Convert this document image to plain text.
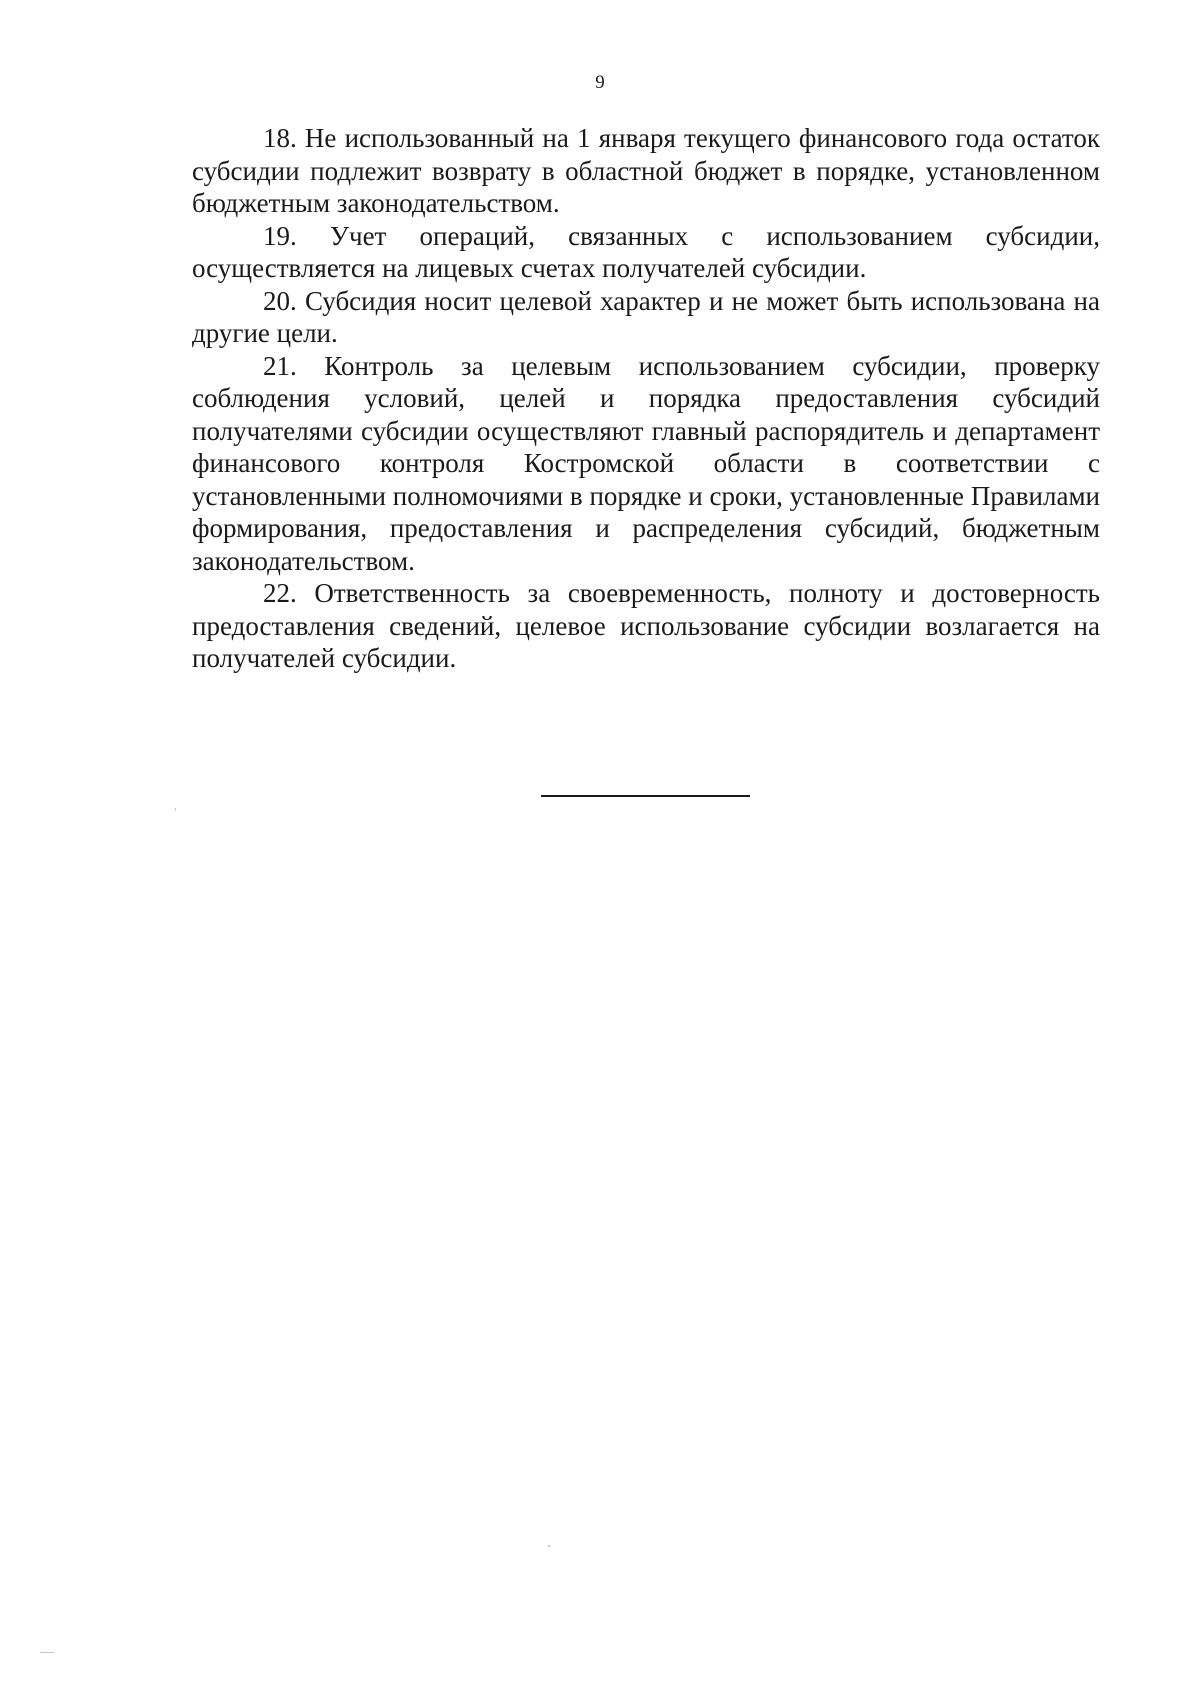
9

18. Не использованный на 1 января текущего финансового года остаток субсидии подлежит возврату в областной бюджет в порядке, установленном бюджетным законодательством.

19. Учет операций, связанных с использованием субсидии, осуществляется на лицевых счетах получателей субсидии.

20. Субсидия носит целевой характер и не может быть использована на другие цели.

21. Контроль за целевым использованием субсидии, проверку соблюдения условий, целей и порядка предоставления субсидий получателями субсидии осуществляют главный распорядитель и департамент финансового контроля Костромской области в соответствии с установленными полномочиями в порядке и сроки, установленные Правилами формирования, предоставления и распределения субсидий, бюджетным законодательством.

22. Ответственность за своевременность, полноту и достоверность предоставления сведений, целевое использование субсидии возлагается на получателей субсидии.
